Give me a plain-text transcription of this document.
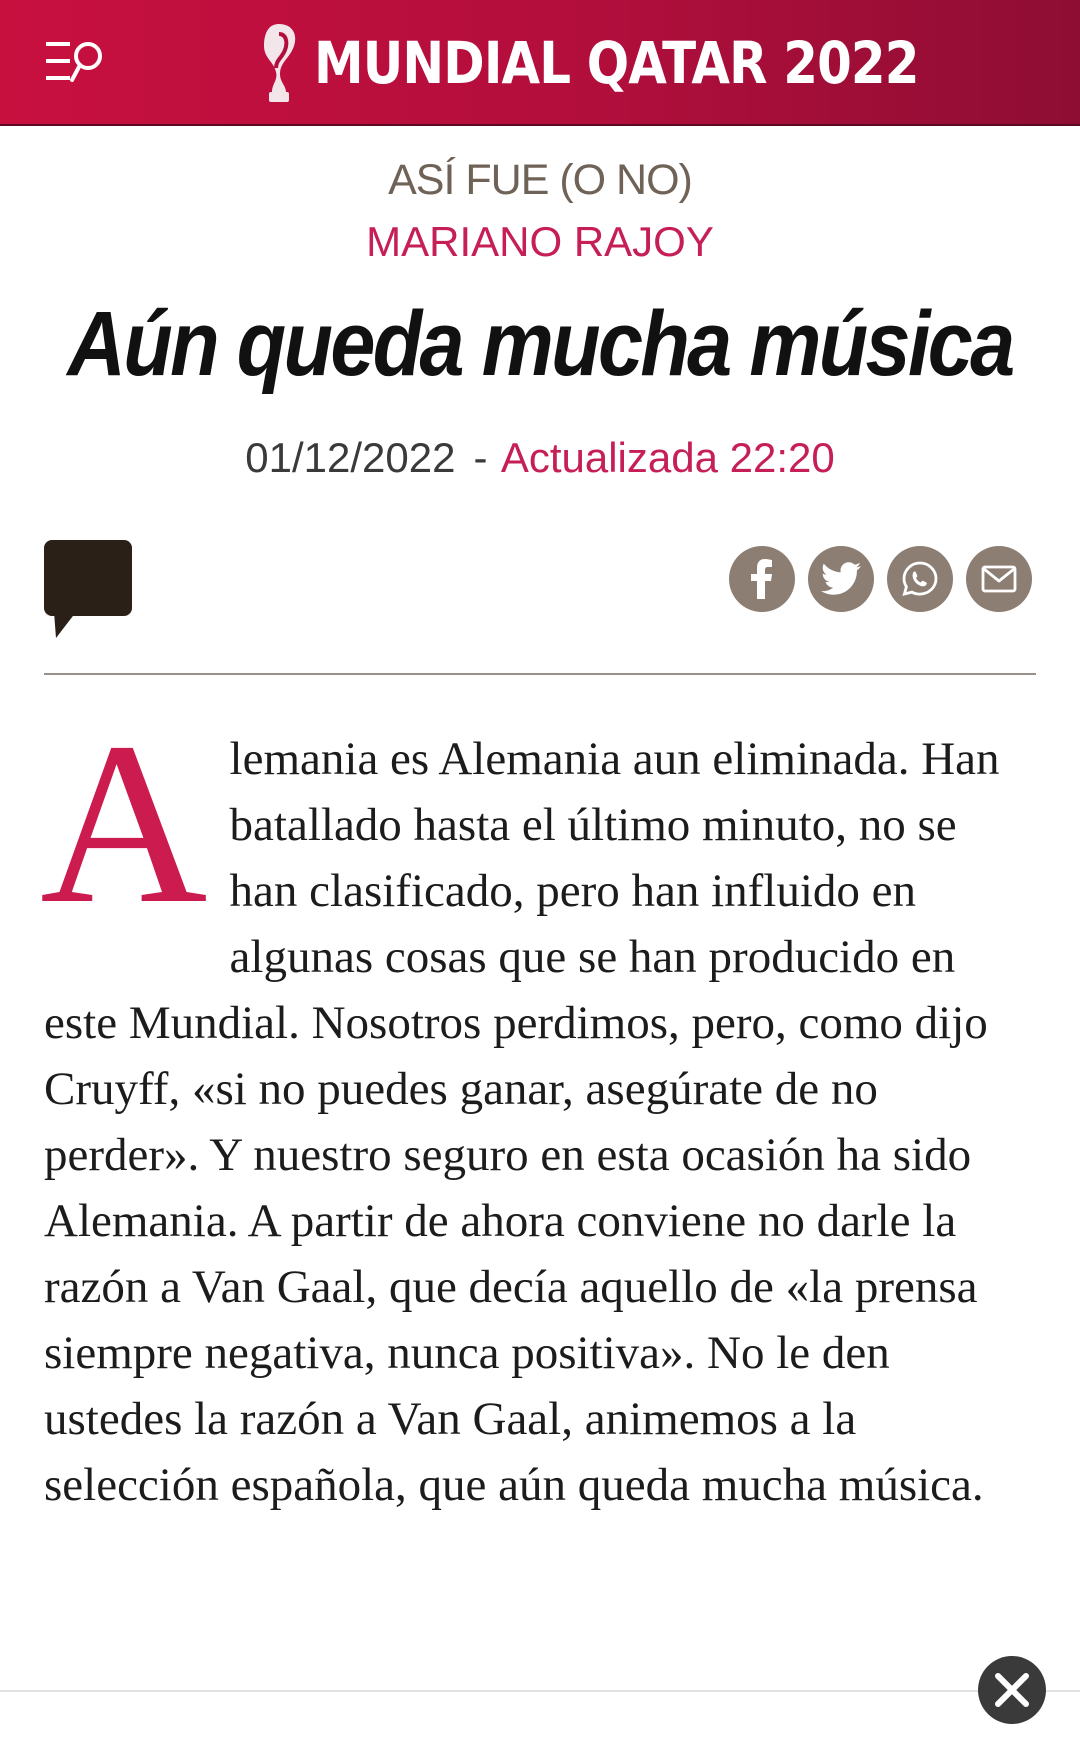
MUNDIAL QATAR 2022
ASÍ FUE (O NO)
MARIANO RAJOY
Aún queda mucha música
01/12/2022 - Actualizada 22:20
Alemania es Alemania aun eliminada. Han batallado hasta el último minuto, no se han clasificado, pero han influido en algunas cosas que se han producido en este Mundial. Nosotros perdimos, pero, como dijo Cruyff, «si no puedes ganar, asegúrate de no perder». Y nuestro seguro en esta ocasión ha sido Alemania. A partir de ahora conviene no darle la razón a Van Gaal, que decía aquello de «la prensa siempre negativa, nunca positiva». No le den ustedes la razón a Van Gaal, animemos a la selección española, que aún queda mucha música.
